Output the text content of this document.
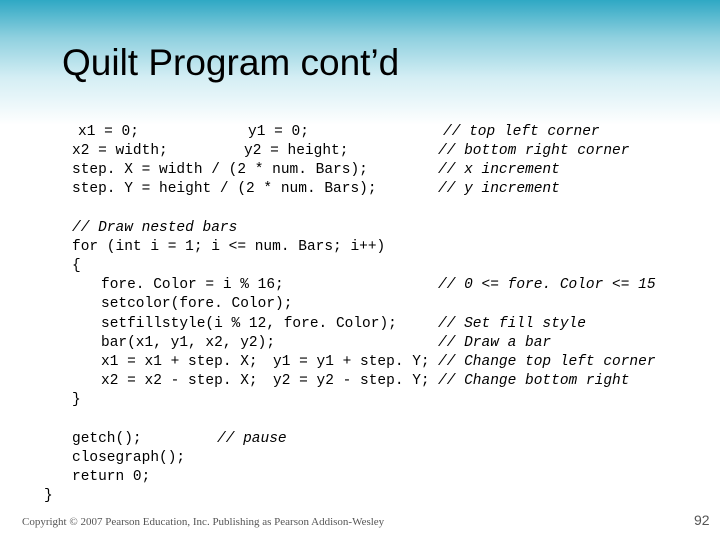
Quilt Program cont’d
x1 = 0;	y1 = 0;	// top left corner
x2 = width;	y2 = height;	// bottom right corner
step. X = width / (2 * num. Bars);	// x increment
step. Y = height / (2 * num. Bars);	// y increment
// Draw nested bars
for (int i = 1; i <= num. Bars; i++)
{
fore. Color = i % 16;	// 0 <= fore. Color <= 15
setcolor(fore. Color);
setfillstyle(i % 12, fore. Color);	// Set fill style
bar(x1, y1, x2, y2);	// Draw a bar
x1 = x1 + step. X; y1 = y1 + step. Y; // Change top left corner
x2 = x2 - step. X; y2 = y2 - step. Y; // Change bottom right
}
getch();	// pause
closegraph();
return 0;
}
Copyright © 2007 Pearson Education, Inc. Publishing as Pearson Addison-Wesley	92
